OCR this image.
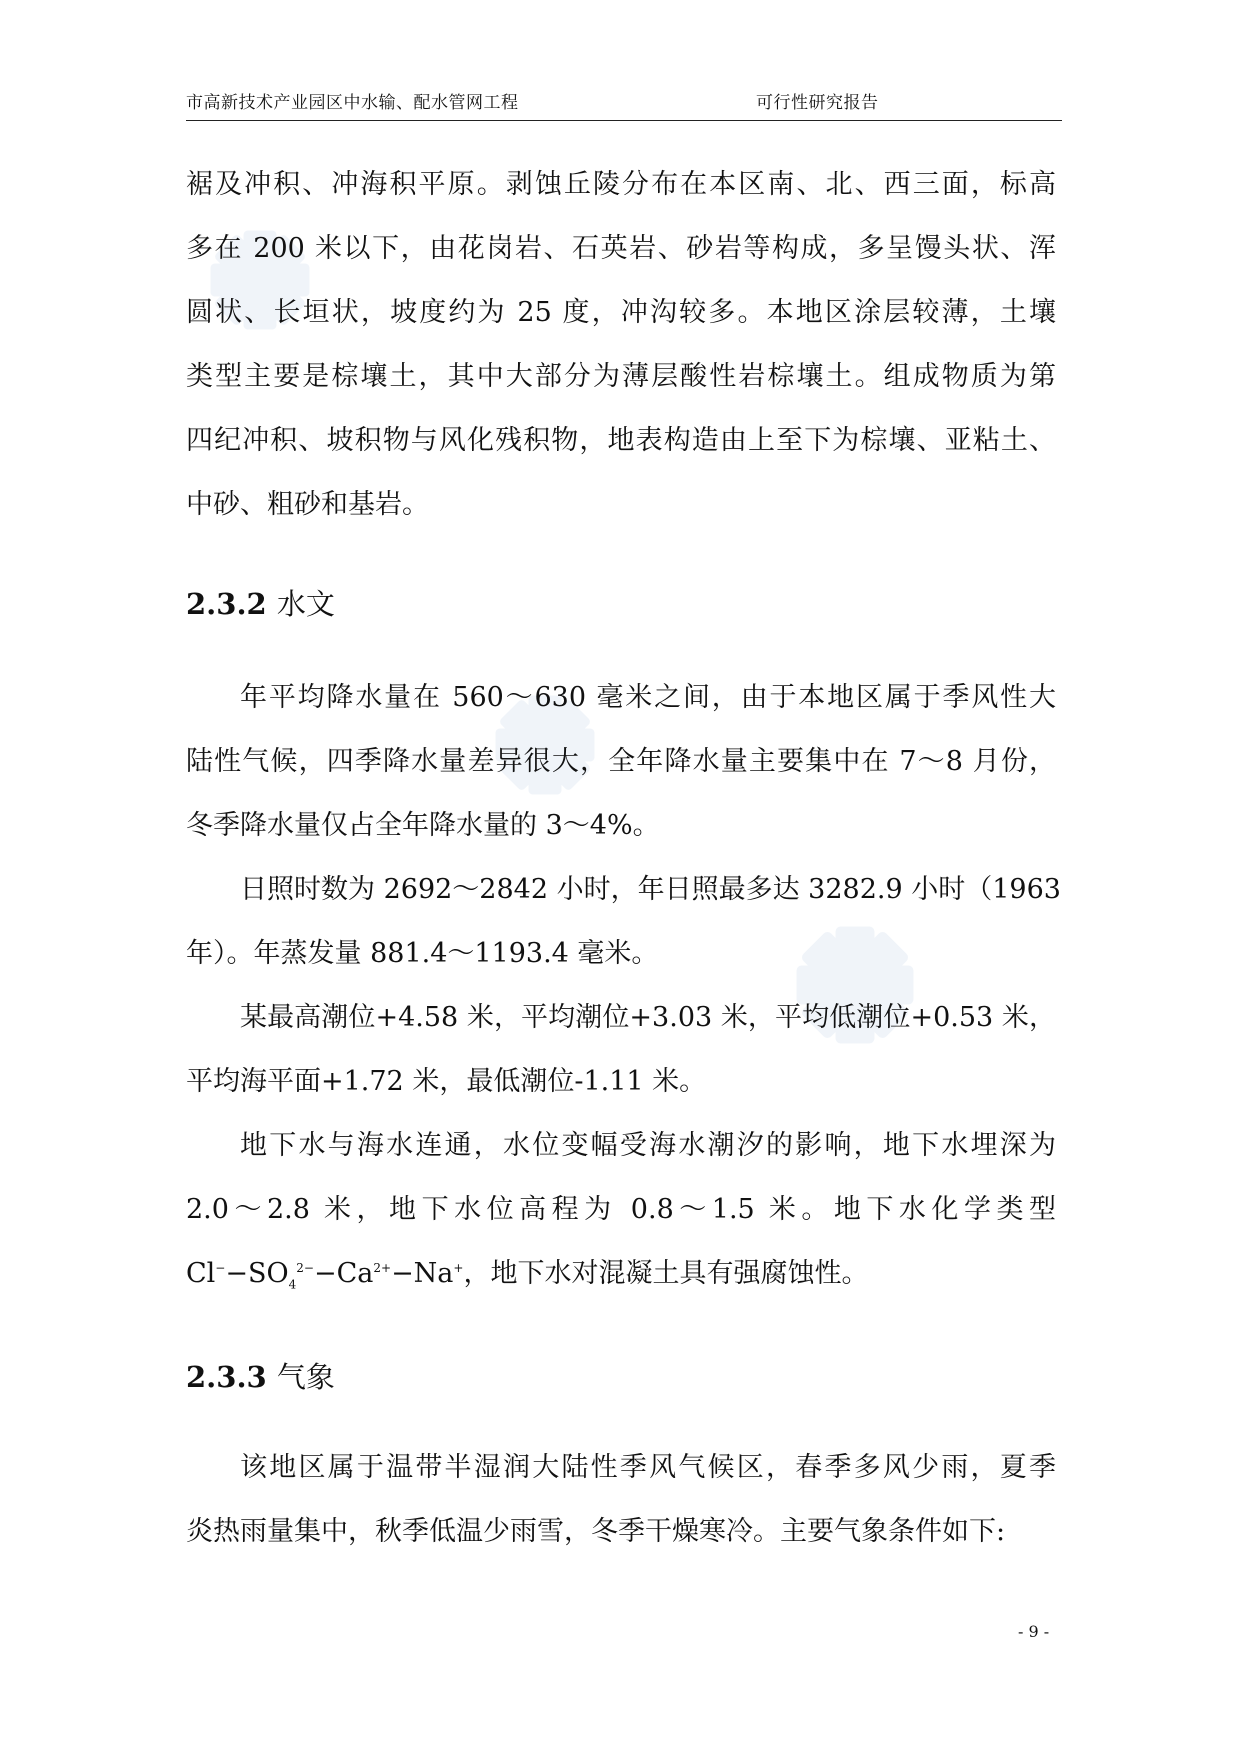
市高新技术产业园区中水输、配水管网工程	可行性研究报告
裾及冲积、冲海积平原。剥蚀丘陵分布在本区南、北、西三面，标高
多在 200 米以下，由花岗岩、石英岩、砂岩等构成，多呈馒头状、浑
圆状、长垣状，坡度约为 25 度，冲沟较多。本地区涂层较薄，土壤
类型主要是棕壤土，其中大部分为薄层酸性岩棕壤土。组成物质为第
四纪冲积、坡积物与风化残积物，地表构造由上至下为棕壤、亚粘土、
中砂、粗砂和基岩。
2.3.2 水文
年平均降水量在 560～630 毫米之间，由于本地区属于季风性大
陆性气候，四季降水量差异很大，全年降水量主要集中在 7～8 月份，
冬季降水量仅占全年降水量的 3～4%。
日照时数为 2692～2842 小时，年日照最多达 3282.9 小时（1963
年）。年蒸发量 881.4～1193.4 毫米。
某最高潮位+4.58 米，平均潮位+3.03 米，平均低潮位+0.53 米，
平均海平面+1.72 米，最低潮位-1.11 米。
地下水与海水连通，水位变幅受海水潮汐的影响，地下水埋深为
2.0～2.8 米，地下水位高程为 0.8～1.5 米。地下水化学类型
$Cl^--SO_4^{2-}-Ca^{2+}-Na^+$，地下水对混凝土具有强腐蚀性。
2.3.3 气象
该地区属于温带半湿润大陆性季风气候区，春季多风少雨，夏季
炎热雨量集中，秋季低温少雨雪，冬季干燥寒冷。主要气象条件如下:
- 9 -
